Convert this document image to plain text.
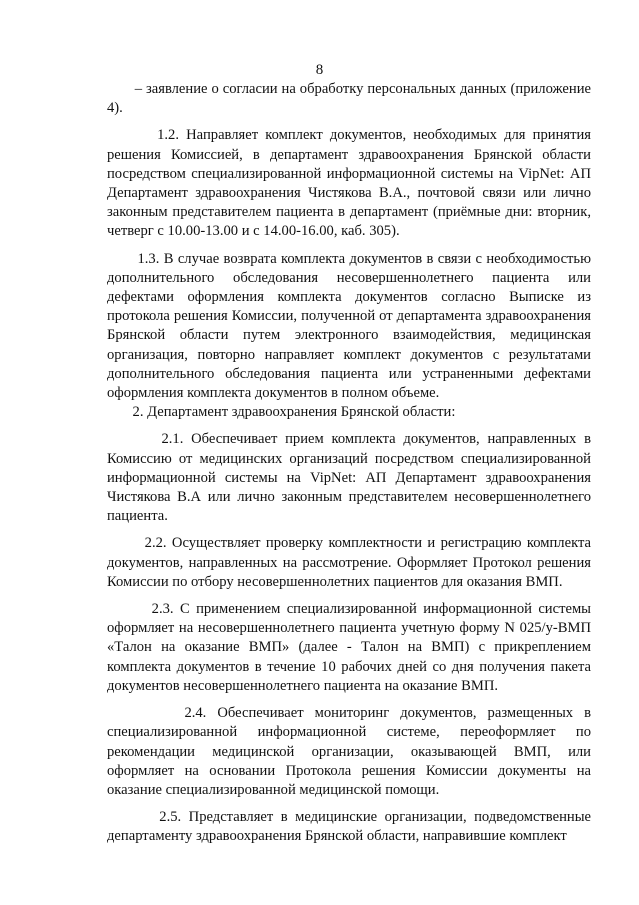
8

– заявление о согласии на обработку персональных данных (приложение 4).

1.2. Направляет комплект документов, необходимых для принятия решения Комиссией, в департамент здравоохранения Брянской области посредством специализированной информационной системы на VipNet: АП Департамент здравоохранения Чистякова В.А., почтовой связи или лично законным представителем пациента в департамент (приёмные дни: вторник, четверг с 10.00-13.00 и с 14.00-16.00, каб. 305).

1.3. В случае возврата комплекта документов в связи с необходимостью дополнительного обследования несовершеннолетнего пациента или дефектами оформления комплекта документов согласно Выписке из протокола решения Комиссии, полученной от департамента здравоохранения Брянской области путем электронного взаимодействия, медицинская организация, повторно направляет комплект документов с результатами дополнительного обследования пациента или устраненными дефектами оформления комплекта документов в полном объеме.

2. Департамент здравоохранения Брянской области:

2.1. Обеспечивает прием комплекта документов, направленных в Комиссию от медицинских организаций посредством специализированной информационной системы на VipNet: АП Департамент здравоохранения Чистякова В.А или лично законным представителем несовершеннолетнего пациента.

2.2. Осуществляет проверку комплектности и регистрацию комплекта документов, направленных на рассмотрение. Оформляет Протокол решения Комиссии по отбору несовершеннолетних пациентов для оказания ВМП.

2.3. С применением специализированной информационной системы оформляет на несовершеннолетнего пациента учетную форму N 025/у-ВМП «Талон на оказание ВМП» (далее - Талон на ВМП) с прикреплением комплекта документов в течение 10 рабочих дней со дня получения пакета документов несовершеннолетнего пациента на оказание ВМП.

2.4. Обеспечивает мониторинг документов, размещенных в специализированной информационной системе, переоформляет по рекомендации медицинской организации, оказывающей ВМП, или оформляет на основании Протокола решения Комиссии документы на оказание специализированной медицинской помощи.

2.5. Представляет в медицинские организации, подведомственные департаменту здравоохранения Брянской области, направившие комплект
